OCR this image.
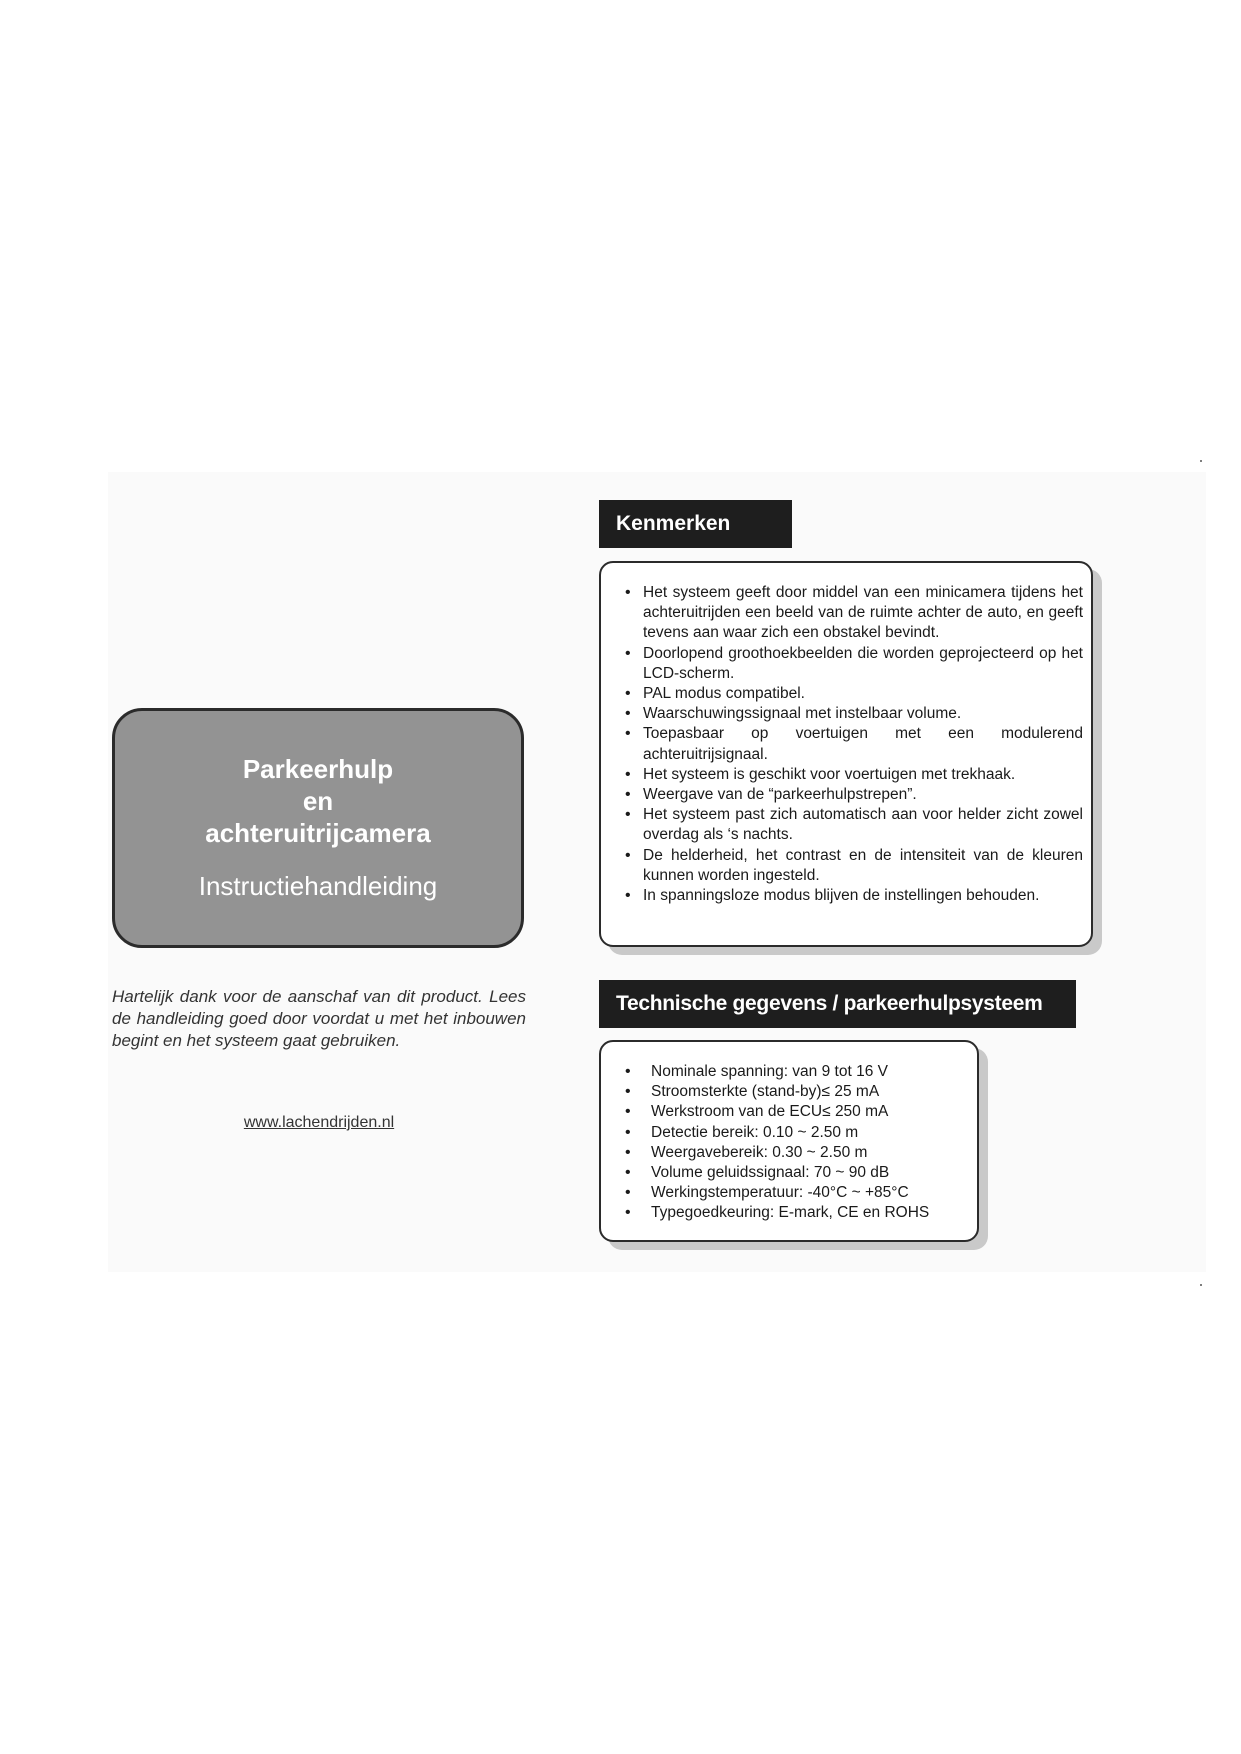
Parkeerhulp
en
achteruitrijcamera
Instructiehandleiding
Hartelijk dank voor de aanschaf van dit product. Lees de handleiding goed door voordat u met het inbouwen begint en het systeem gaat gebruiken.
www.lachendrijden.nl
Kenmerken
• Het systeem geeft door middel van een minicamera tijdens het achteruitrijden een beeld van de ruimte achter de auto, en geeft tevens aan waar zich een obstakel bevindt.
• Doorlopend groothoekbeelden die worden geprojecteerd op het LCD-scherm.
• PAL modus compatibel.
• Waarschuwingssignaal met instelbaar volume.
• Toepasbaar op voertuigen met een modulerend achteruitrijsignaal.
• Het systeem is geschikt voor voertuigen met trekhaak.
• Weergave van de “parkeerhulpstrepen”.
• Het systeem past zich automatisch aan voor helder zicht zowel overdag als ‘s nachts.
• De helderheid, het contrast en de intensiteit van de kleuren kunnen worden ingesteld.
• In spanningsloze modus blijven de instellingen behouden.
Technische gegevens / parkeerhulpsysteem
• Nominale spanning: van 9 tot 16 V
• Stroomsterkte (stand-by)≤ 25 mA
• Werkstroom van de ECU≤ 250 mA
• Detectie bereik: 0.10 ~ 2.50 m
• Weergavebereik: 0.30 ~ 2.50 m
• Volume geluidssignaal: 70 ~ 90 dB
• Werkingstemperatuur: -40°C ~ +85°C
• Typegoedkeuring: E-mark, CE en ROHS
